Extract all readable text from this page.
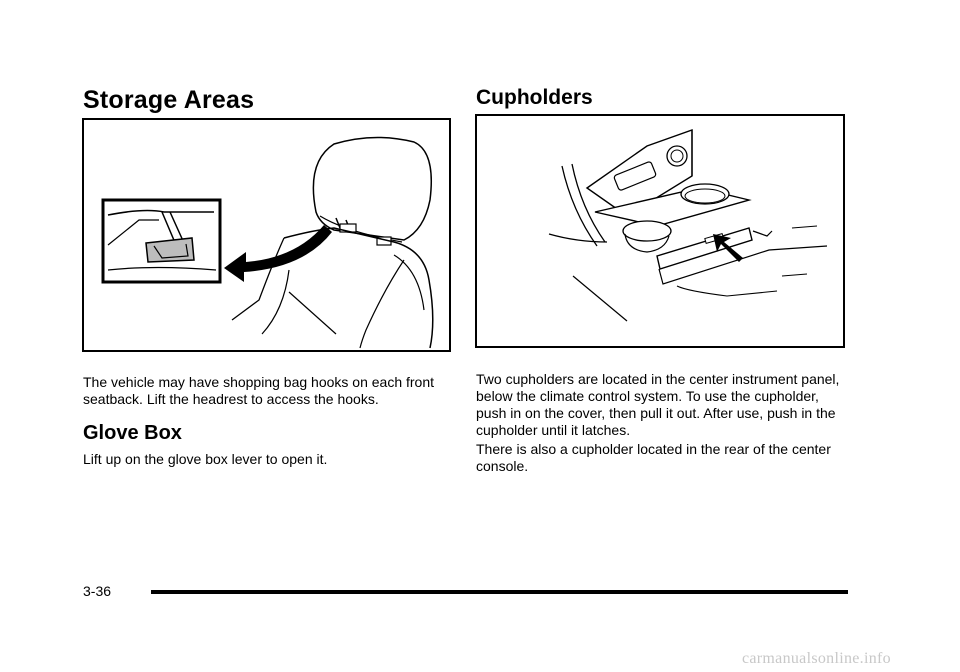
Storage Areas

The vehicle may have shopping bag hooks on each front seatback. Lift the headrest to access the hooks.

Glove Box

Lift up on the glove box lever to open it.

Cupholders

Two cupholders are located in the center instrument panel, below the climate control system. To use the cupholder, push in on the cover, then pull it out. After use, push in the cupholder until it latches.

There is also a cupholder located in the rear of the center console.

3-36
carmanualsonline.info
